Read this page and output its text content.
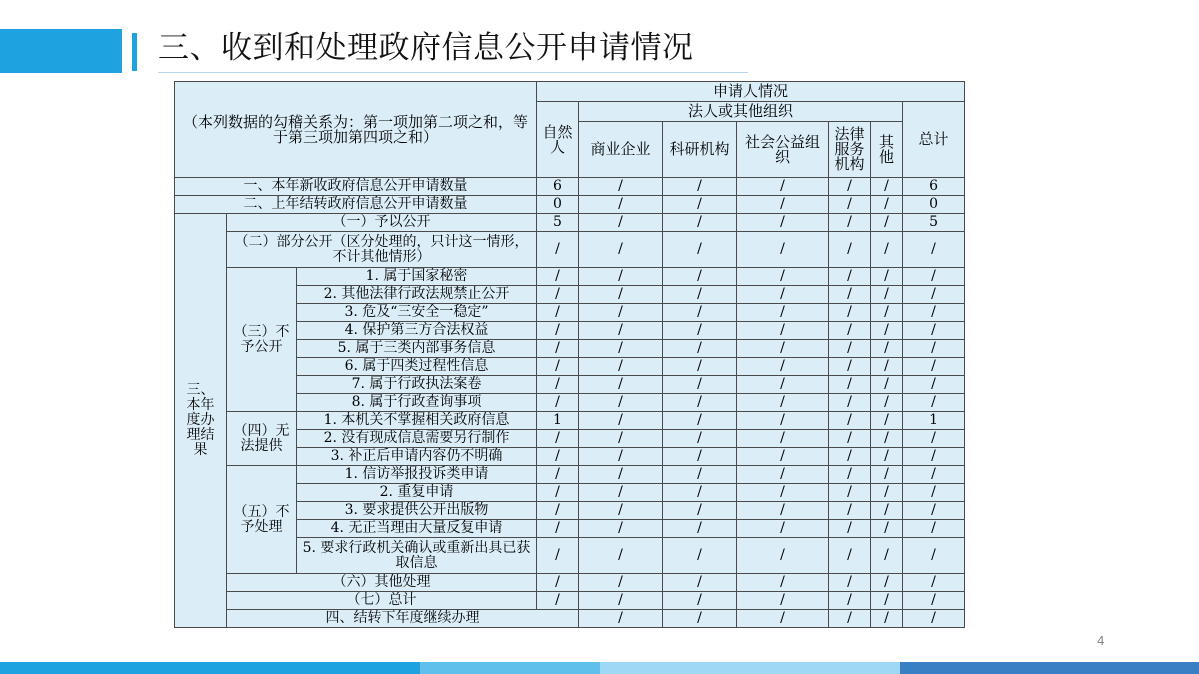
三、收到和处理政府信息公开申请情况
（本列数据的勾稽关系为：第一项加第二项之和，等于第三项加第四项之和）			申请人情况							
			自然人	法人或其他组织					总计	
				商业企业	科研机构	社会公益组织	法律服务机构	其他		
一、本年新收政府信息公开申请数量			6	/	/	/	/	/	6	
二、上年结转政府信息公开申请数量			0	/	/	/	/	/	0	
三、本年度办理结果	（一）予以公开		5	/	/	/	/	/	5	
	（二）部分公开（区分处理的，只计这一情形，不计其他情形）		/	/	/	/	/	/	/	
	（三）不予公开	1. 属于国家秘密	/	/	/	/	/	/	/	
		2. 其他法律行政法规禁止公开	/	/	/	/	/	/	/	
		3. 危及“三安全一稳定”	/	/	/	/	/	/	/	
		4. 保护第三方合法权益	/	/	/	/	/	/	/	
		5. 属于三类内部事务信息	/	/	/	/	/	/	/	
		6. 属于四类过程性信息	/	/	/	/	/	/	/	
		7. 属于行政执法案卷	/	/	/	/	/	/	/	
		8. 属于行政查询事项	/	/	/	/	/	/	/	
	（四）无法提供	1. 本机关不掌握相关政府信息	1	/	/	/	/	/	1	
		2. 没有现成信息需要另行制作	/	/	/	/	/	/	/	
		3. 补正后申请内容仍不明确	/	/	/	/	/	/	/	
	（五）不予处理	1. 信访举报投诉类申请	/	/	/	/	/	/	/	
		2. 重复申请	/	/	/	/	/	/	/	
		3. 要求提供公开出版物	/	/	/	/	/	/	/	
		4. 无正当理由大量反复申请	/	/	/	/	/	/	/	
		5. 要求行政机关确认或重新出具已获取信息	/	/	/	/	/	/	/	
	（六）其他处理		/	/	/	/	/	/	/	
	（七）总计		/	/	/	/	/	/	/	
	四、结转下年度继续办理			/	/	/	/	/	/	
4
